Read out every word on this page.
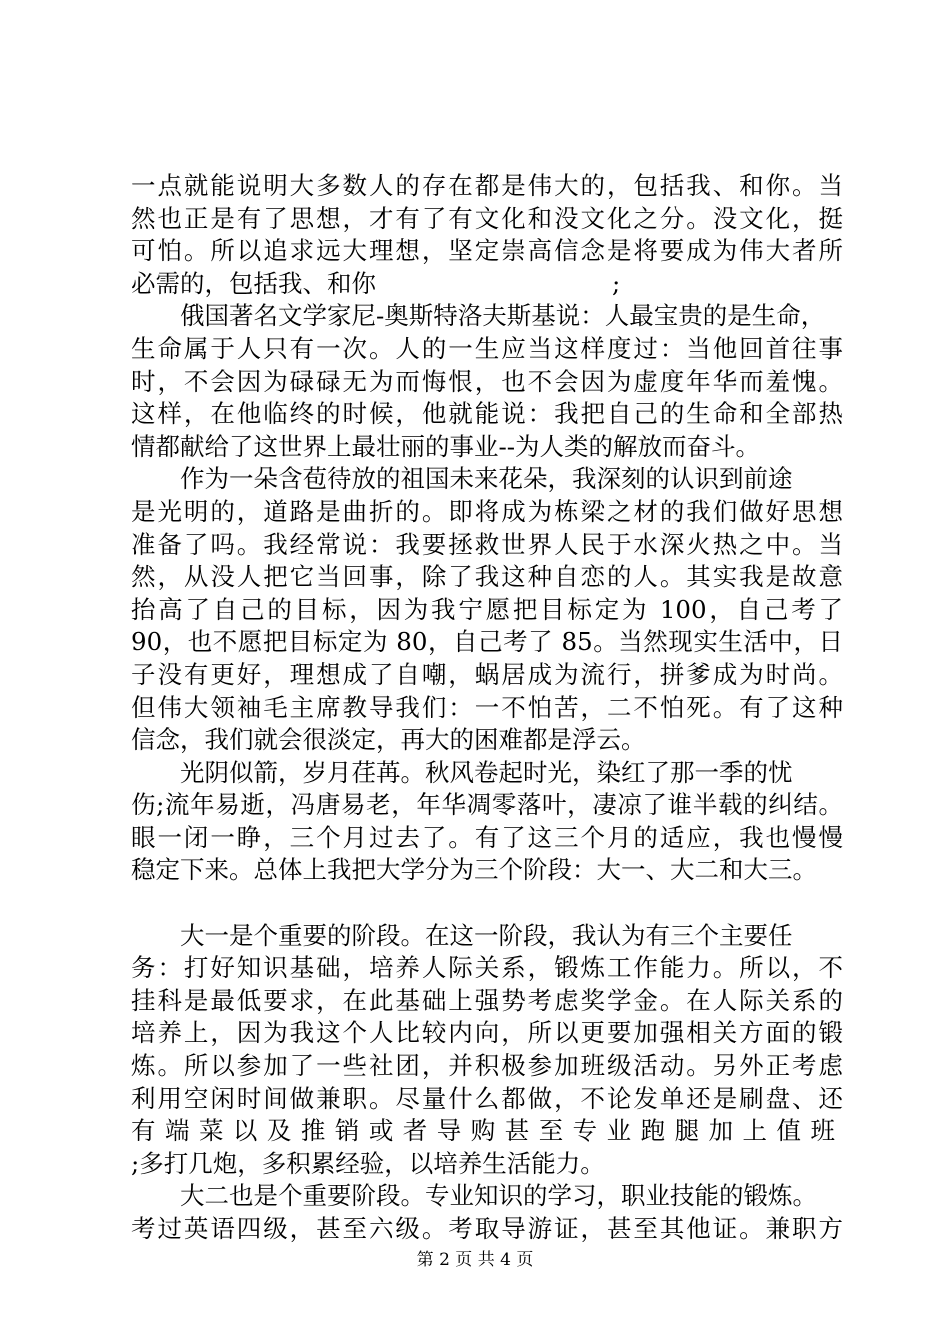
一点就能说明大多数人的存在都是伟大的，包括我、和你。当
然也正是有了思想，才有了有文化和没文化之分。没文化，挺
可怕。所以追求远大理想，坚定崇高信念是将要成为伟大者所
必需的，包括我、和你	;
俄国著名文学家尼-奥斯特洛夫斯基说：人最宝贵的是生命，
生命属于人只有一次。人的一生应当这样度过：当他回首往事
时，不会因为碌碌无为而悔恨，也不会因为虚度年华而羞愧。
这样，在他临终的时候，他就能说：我把自己的生命和全部热
情都献给了这世界上最壮丽的事业--为人类的解放而奋斗。
作为一朵含苞待放的祖国未来花朵，我深刻的认识到前途
是光明的，道路是曲折的。即将成为栋梁之材的我们做好思想
准备了吗。我经常说：我要拯救世界人民于水深火热之中。当
然，从没人把它当回事，除了我这种自恋的人。其实我是故意
抬高了自己的目标，因为我宁愿把目标定为 100，自己考了
90，也不愿把目标定为 80，自己考了 85。当然现实生活中，日
子没有更好，理想成了自嘲，蜗居成为流行，拼爹成为时尚。
但伟大领袖毛主席教导我们：一不怕苦，二不怕死。有了这种
信念，我们就会很淡定，再大的困难都是浮云。
光阴似箭，岁月荏苒。秋风卷起时光，染红了那一季的忧
伤;流年易逝，冯唐易老，年华凋零落叶，凄凉了谁半载的纠结。
眼一闭一睁，三个月过去了。有了这三个月的适应，我也慢慢
稳定下来。总体上我把大学分为三个阶段：大一、大二和大三。
大一是个重要的阶段。在这一阶段，我认为有三个主要任
务：打好知识基础，培养人际关系，锻炼工作能力。所以，不
挂科是最低要求，在此基础上强势考虑奖学金。在人际关系的
培养上，因为我这个人比较内向，所以更要加强相关方面的锻
炼。所以参加了一些社团，并积极参加班级活动。另外正考虑
利用空闲时间做兼职。尽量什么都做，不论发单还是刷盘、还
有端菜以及推销或者导购甚至专业跑腿加上值班
;多打几炮，多积累经验，以培养生活能力。
大二也是个重要阶段。专业知识的学习，职业技能的锻炼。
考过英语四级，甚至六级。考取导游证，甚至其他证。兼职方
第 2 页 共 4 页
